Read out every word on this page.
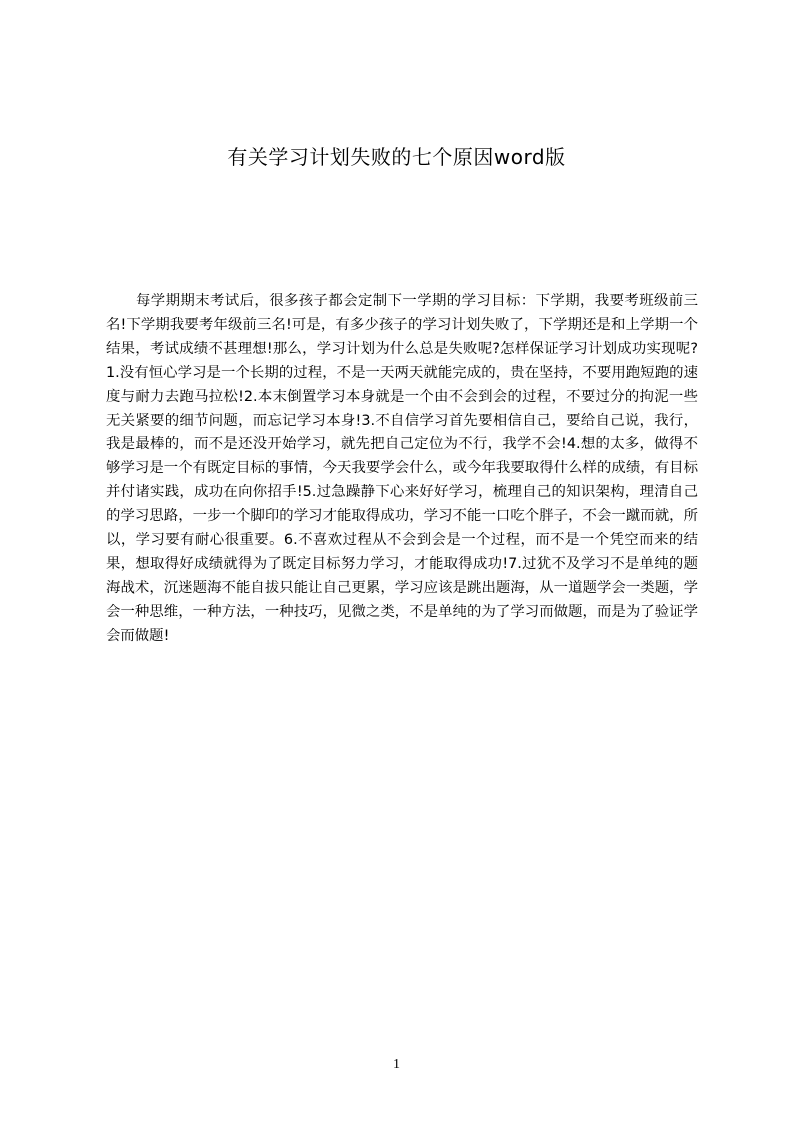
有关学习计划失败的七个原因word版

每学期期末考试后，很多孩子都会定制下一学期的学习目标：下学期，我要考班级前三名!下学期我要考年级前三名!可是，有多少孩子的学习计划失败了，下学期还是和上学期一个结果，考试成绩不甚理想!那么，学习计划为什么总是失败呢?怎样保证学习计划成功实现呢?1.没有恒心学习是一个长期的过程，不是一天两天就能完成的，贵在坚持，不要用跑短跑的速度与耐力去跑马拉松!2.本末倒置学习本身就是一个由不会到会的过程，不要过分的拘泥一些无关紧要的细节问题，而忘记学习本身!3.不自信学习首先要相信自己，要给自己说，我行，我是最棒的，而不是还没开始学习，就先把自己定位为不行，我学不会!4.想的太多，做得不够学习是一个有既定目标的事情，今天我要学会什么，或今年我要取得什么样的成绩，有目标并付诸实践，成功在向你招手!5.过急躁静下心来好好学习，梳理自己的知识架构，理清自己的学习思路，一步一个脚印的学习才能取得成功，学习不能一口吃个胖子，不会一蹴而就，所以，学习要有耐心很重要。6.不喜欢过程从不会到会是一个过程，而不是一个凭空而来的结果，想取得好成绩就得为了既定目标努力学习，才能取得成功!7.过犹不及学习不是单纯的题海战术，沉迷题海不能自拔只能让自己更累，学习应该是跳出题海，从一道题学会一类题，学会一种思维，一种方法，一种技巧，见微之类，不是单纯的为了学习而做题，而是为了验证学会而做题!

1
